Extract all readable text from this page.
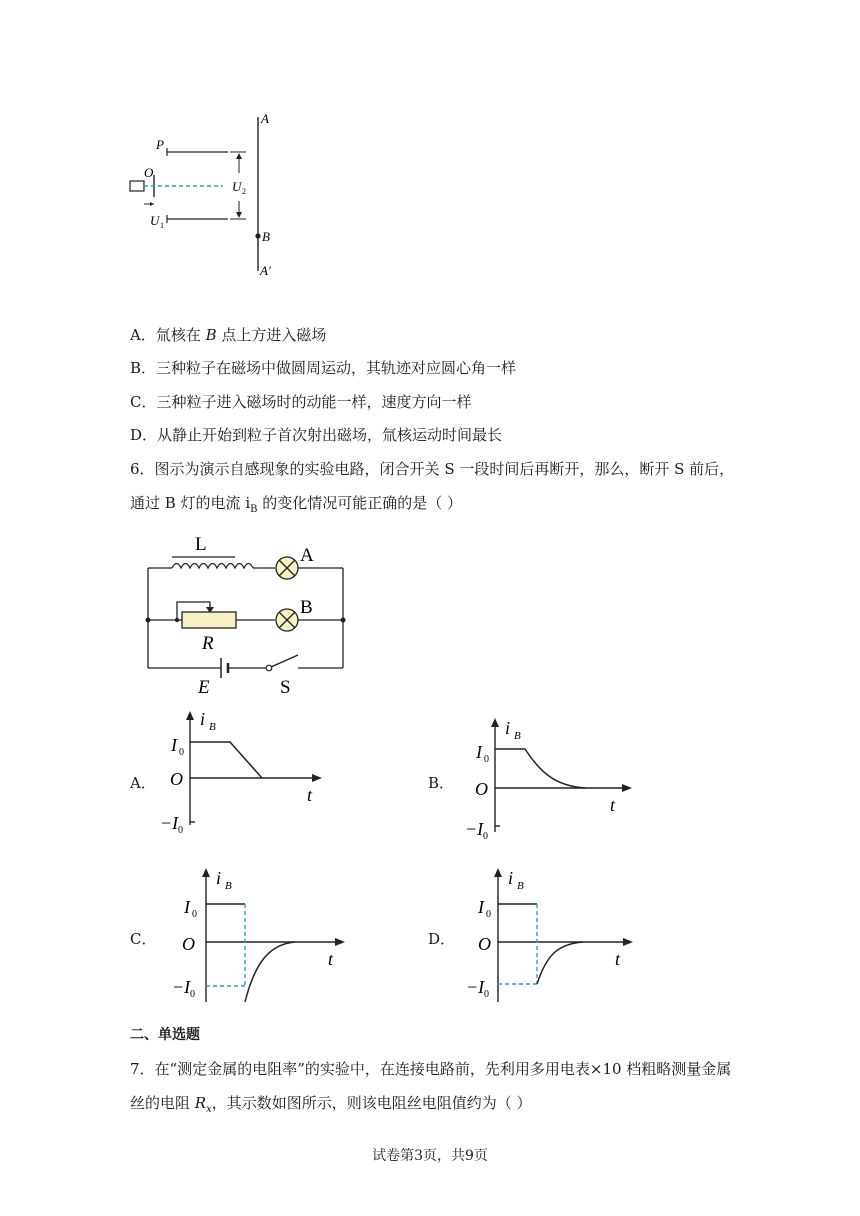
A
A′
P
O
B
U 2
U 1
A．氚核在 B 点上方进入磁场
B．三种粒子在磁场中做圆周运动，其轨迹对应圆心角一样
C．三种粒子进入磁场时的动能一样，速度方向一样
D．从静止开始到粒子首次射出磁场，氚核运动时间最长
6．图示为演示自感现象的实验电路，闭合开关 S 一段时间后再断开，那么，断开 S 前后，
通过 B 灯的电流 $i_B$ 的变化情况可能正确的是（ ）
L
A
B
R
E	S
A．
i B
I 0
O
−I 0
t
B．
i B
I 0
O
−I 0
t
C．
i B
I 0
O
−I 0
t
D．
i B
I 0
O
−I 0
t
二、单选题
7．在“测定金属的电阻率”的实验中，在连接电路前，先利用多用电表×10 档粗略测量金属
丝的电阻 $R_x$，其示数如图所示，则该电阻丝电阻值约为（ ）
试卷第3页，共9页
